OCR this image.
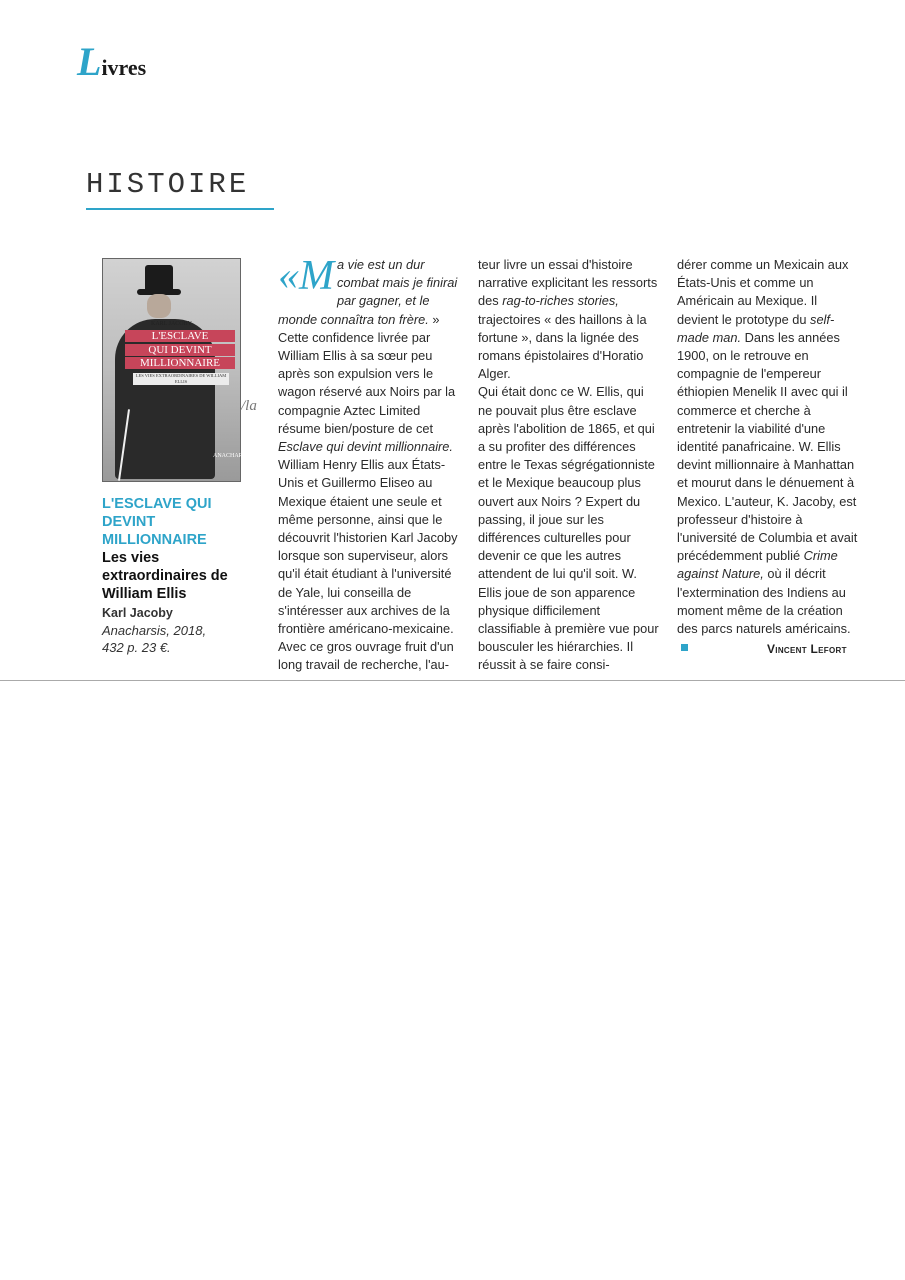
Livres
HISTOIRE
KARL JACOBY
L'ESCLAVE
QUI DEVINT
MILLIONNAIRE
LES VIES EXTRAORDINAIRES DE WILLIAM ELLIS
ANACHARSIS
L'ESCLAVE QUI DEVINT MILLIONNAIRE
Les vies extraordinaires de William Ellis
Karl Jacoby
Anacharsis, 2018,
432 p. 23 €.
/la

«Ma vie est un dur combat mais je finirai par gagner, et le monde connaîtra ton frère. » Cette confidence livrée par William Ellis à sa sœur peu après son expulsion vers le wagon réservé aux Noirs par la compagnie Aztec Limited résume bien/posture de cet Esclave qui devint millionnaire. William Henry Ellis aux États-Unis et Guillermo Eliseo au Mexique étaient une seule et même personne, ainsi que le découvrit l'historien Karl Jacoby lorsque son superviseur, alors qu'il était étudiant à l'université de Yale, lui conseilla de s'intéresser aux archives de la frontière américano-mexicaine. Avec ce gros ouvrage fruit d'un long travail de recherche, l'au-

teur livre un essai d'histoire narrative explicitant les ressorts des rag-to-riches stories, trajectoires « des haillons à la fortune », dans la lignée des romans épistolaires d'Horatio Alger.

Qui était donc ce W. Ellis, qui ne pouvait plus être esclave après l'abolition de 1865, et qui a su profiter des différences entre le Texas ségrégationniste et le Mexique beaucoup plus ouvert aux Noirs ? Expert du passing, il joue sur les différences culturelles pour devenir ce que les autres attendent de lui qu'il soit. W. Ellis joue de son apparence physique difficilement classifiable à première vue pour bousculer les hiérarchies. Il réussit à se faire consi-

dérer comme un Mexicain aux États-Unis et comme un Américain au Mexique. Il devient le prototype du self-made man. Dans les années 1900, on le retrouve en compagnie de l'empereur éthiopien Menelik II avec qui il commerce et cherche à entretenir la viabilité d'une identité panafricaine. W. Ellis devint millionnaire à Manhattan et mourut dans le dénuement à Mexico. L'auteur, K. Jacoby, est professeur d'histoire à l'université de Columbia et avait précédemment publié Crime against Nature, où il décrit l'extermination des Indiens au moment même de la création des parcs naturels américains.

Vincent Lefort
